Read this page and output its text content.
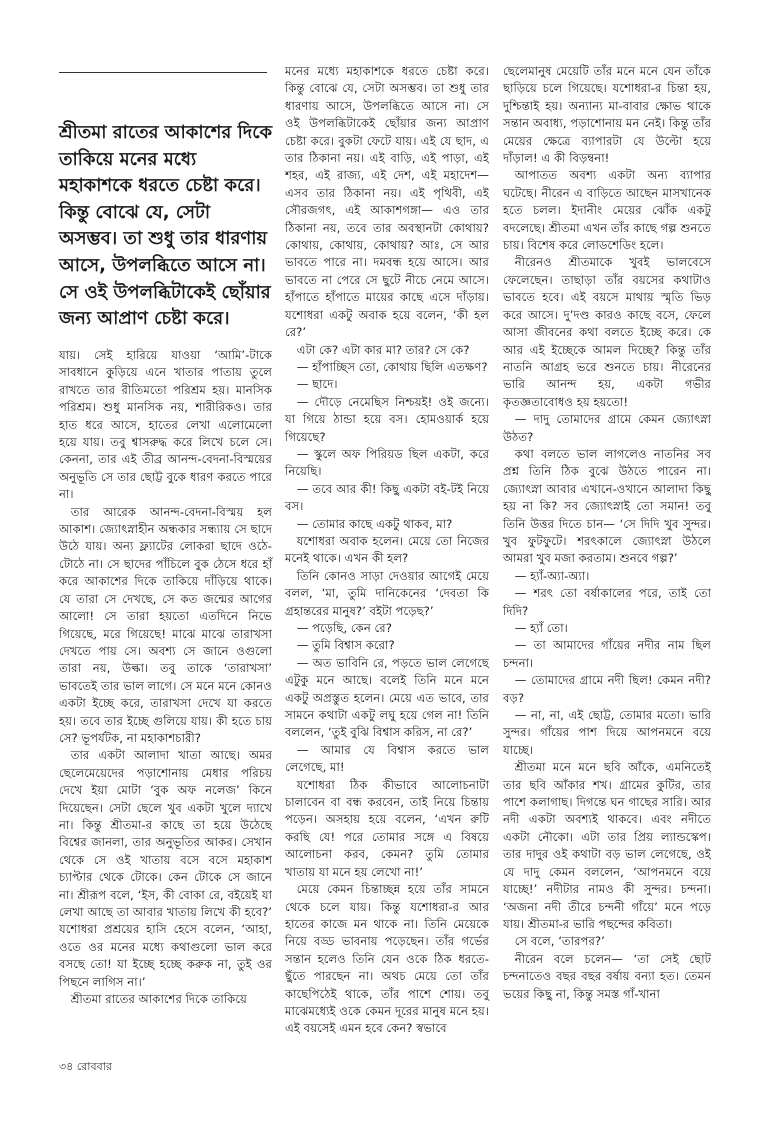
শ্রীতমা রাতের আকাশের দিকে তাকিয়ে মনের মধ্যে মহাকাশকে ধরতে চেষ্টা করে। কিন্তু বোঝে যে, সেটা অসম্ভব। তা শুধু তার ধারণায় আসে, উপলব্ধিতে আসে না। সে ওই উপলব্ধিটাকেই ছোঁয়ার জন্য আপ্রাণ চেষ্টা করে।

যায়। সেই হারিয়ে যাওয়া ‘আমি’-টাকে সাবধানে কুড়িয়ে এনে খাতার পাতায় তুলে রাখতে তার রীতিমতো পরিশ্রম হয়। মানসিক পরিশ্রম। শুধু মানসিক নয়, শারীরিকও। তার হাত ধরে আসে, হাতের লেখা এলোমেলো হয়ে যায়। তবু শ্বাসরুদ্ধ করে লিখে চলে সে। কেননা, তার এই তীব্র আনন্দ-বেদনা-বিস্ময়ের অনুভূতি সে তার ছোট্ট বুকে ধারণ করতে পারে না।

তার আরেক আনন্দ-বেদনা-বিস্ময় হল আকাশ। জ্যোৎস্নাহীন অন্ধকার সন্ধ্যায় সে ছাদে উঠে যায়। অন্য ফ্ল্যাটের লোকরা ছাদে ওঠে-টোঠে না। সে ছাদের পাঁচিলে বুক ঠেসে ধরে হাঁ করে আকাশের দিকে তাকিয়ে দাঁড়িয়ে থাকে। যে তারা সে দেখছে, সে কত জন্মের আগের আলো! সে তারা হয়তো এতদিনে নিভে গিয়েছে, মরে গিয়েছে! মাঝে মাঝে তারাখসা দেখতে পায় সে। অবশ্য সে জানে ওগুলো তারা নয়, উল্কা। তবু তাকে ‘তারাখসা’ ভাবতেই তার ভাল লাগে। সে মনে মনে কোনও একটা ইচ্ছে করে, তারাখসা দেখে যা করতে হয়। তবে তার ইচ্ছে গুলিয়ে যায়। কী হতে চায় সে? ভূপর্যটক, না মহাকাশচারী?

তার একটা আলাদা খাতা আছে। অমর ছেলেমেয়েদের পড়াশোনায় মেধার পরিচয় দেখে ইয়া মোটা ‘বুক অফ নলেজ’ কিনে দিয়েছেন। সেটা ছেলে খুব একটা খুলে দ্যাখে না। কিন্তু শ্রীতমা-র কাছে তা হয়ে উঠেছে বিশ্বের জানলা, তার অনুভূতির আকর। সেখান থেকে সে ওই খাতায় বসে বসে মহাকাশ চ্যাপ্টার থেকে টোকে। কেন টোকে সে জানে না। শ্রীরূপ বলে, ‘ইস, কী বোকা রে, বইয়েই যা লেখা আছে তা আবার খাতায় লিখে কী হবে?’ যশোধরা প্রশ্রয়ের হাসি হেসে বলেন, ‘আহা, ওতে ওর মনের মধ্যে কথাগুলো ভাল করে বসছে তো! যা ইচ্ছে হচ্ছে করুক না, তুই ওর পিছনে লাগিস না।’

শ্রীতমা রাতের আকাশের দিকে তাকিয়ে

মনের মধ্যে মহাকাশকে ধরতে চেষ্টা করে। কিন্তু বোঝে যে, সেটা অসম্ভব। তা শুধু তার ধারণায় আসে, উপলব্ধিতে আসে না। সে ওই উপলব্ধিটাকেই ছোঁয়ার জন্য আপ্রাণ চেষ্টা করে। বুকটা ফেটে যায়। এই যে ছাদ, এ তার ঠিকানা নয়। এই বাড়ি, এই পাড়া, এই শহর, এই রাজ্য, এই দেশ, এই মহাদেশ— এসব তার ঠিকানা নয়। এই পৃথিবী, এই সৌরজগৎ, এই আকাশগঙ্গা— এও তার ঠিকানা নয়, তবে তার অবস্থানটা কোথায়? কোথায়, কোথায়, কোথায়? আঃ, সে আর ভাবতে পারে না। দমবন্ধ হয়ে আসে। আর ভাবতে না পেরে সে ছুটে নীচে নেমে আসে। হাঁপাতে হাঁপাতে মায়ের কাছে এসে দাঁড়ায়। যশোধরা একটু অবাক হয়ে বলেন, ‘কী হল রে?’

এটা কে? এটা কার মা? তার? সে কে?

— হাঁপাচ্ছিস তো, কোথায় ছিলি এতক্ষণ?

— ছাদে।

— দৌড়ে নেমেছিস নিশ্চয়ই! ওই জন্যে। যা গিয়ে ঠান্ডা হয়ে বস। হোমওয়ার্ক হয়ে গিয়েছে?

— স্কুলে অফ পিরিয়ড ছিল একটা, করে নিয়েছি।

— তবে আর কী! কিছু একটা বই-টই নিয়ে বস।

— তোমার কাছে একটু থাকব, মা?

যশোধরা অবাক হলেন। মেয়ে তো নিজের মনেই থাকে। এখন কী হল?

তিনি কোনও সাড়া দেওয়ার আগেই মেয়ে বলল, ‘মা, তুমি দানিকেনের ‘দেবতা কি গ্রহান্তরের মানুষ?’ বইটা পড়েছ?’

— পড়েছি, কেন রে?

— তুমি বিশ্বাস করো?

— অত ভাবিনি রে, পড়তে ভাল লেগেছে এটুকু মনে আছে। বলেই তিনি মনে মনে একটু অপ্রস্তুত হলেন। মেয়ে এত ভাবে, তার সামনে কথাটা একটু লঘু হয়ে গেল না! তিনি বললেন, ‘তুই বুঝি বিশ্বাস করিস, না রে?’

— আমার যে বিশ্বাস করতে ভাল লেগেছে, মা!

যশোধরা ঠিক কীভাবে আলোচনাটা চালাবেন বা বন্ধ করবেন, তাই নিয়ে চিন্তায় পড়েন। অসহায় হয়ে বলেন, ‘এখন রুটি করছি যে! পরে তোমার সঙ্গে এ বিষয়ে আলোচনা করব, কেমন? তুমি তোমার খাতায় যা মনে হয় লেখো না!’

মেয়ে কেমন চিন্তাচ্ছন্ন হয়ে তাঁর সামনে থেকে চলে যায়। কিন্তু যশোধরা-র আর হাতের কাজে মন থাকে না। তিনি মেয়েকে নিয়ে বড্ড ভাবনায় পড়েছেন। তাঁর গর্ভের সন্তান হলেও তিনি যেন ওকে ঠিক ধরতে-ছুঁতে পারছেন না। অথচ মেয়ে তো তাঁর কাছেপিঠেই থাকে, তাঁর পাশে শোয়। তবু মাঝেমধ্যেই ওকে কেমন দূরের মানুষ মনে হয়। এই বয়সেই এমন হবে কেন? স্বভাবে

ছেলেমানুষ মেয়েটি তাঁর মনে মনে যেন তাঁকে ছাড়িয়ে চলে গিয়েছে। যশোধরা-র চিন্তা হয়, দুশ্চিন্তাই হয়। অন্যান্য মা-বাবার ক্ষোভ থাকে সন্তান অবাধ্য, পড়াশোনায় মন নেই। কিন্তু তাঁর মেয়ের ক্ষেত্রে ব্যাপারটা যে উল্টো হয়ে দাঁড়াল! এ কী বিড়ম্বনা!

আপাতত অবশ্য একটা অন্য ব্যাপার ঘটেছে। নীরেন এ বাড়িতে আছেন মাসখানেক হতে চলল। ইদানীং মেয়ের ঝোঁক একটু বদলেছে। শ্রীতমা এখন তাঁর কাছে গল্প শুনতে চায়। বিশেষ করে লোডশেডিং হলে।

নীরেনও শ্রীতমাকে খুবই ভালবেসে ফেলেছেন। তাছাড়া তাঁর বয়সের কথাটাও ভাবতে হবে। এই বয়সে মাথায় স্মৃতি ভিড় করে আসে। দু’দণ্ড কারও কাছে বসে, ফেলে আসা জীবনের কথা বলতে ইচ্ছে করে। কে আর এই ইচ্ছেকে আমল দিচ্ছে? কিন্তু তাঁর নাতনি আগ্রহ ভরে শুনতে চায়। নীরেনের ভারি আনন্দ হয়, একটা গভীর কৃতজ্ঞতাবোধও হয় হয়তো!

— দাদু তোমাদের গ্রামে কেমন জ্যোৎস্না উঠত?

কথা বলতে ভাল লাগলেও নাতনির সব প্রশ্ন তিনি ঠিক বুঝে উঠতে পারেন না। জ্যোৎস্না আবার এখানে-ওখানে আলাদা কিছু হয় না কি? সব জ্যোৎস্নাই তো সমান! তবু তিনি উত্তর দিতে চান— ‘সে দিদি খুব সুন্দর। খুব ফুটফুটে। শরৎকালে জ্যোৎস্না উঠলে আমরা খুব মজা করতাম। শুনবে গল্প?’

— হ্যাঁ-অ্যা-অ্যা।

— শরৎ তো বর্ষাকালের পরে, তাই তো দিদি?

— হ্যাঁ তো।

— তা আমাদের গাঁয়ের নদীর নাম ছিল চন্দনা।

— তোমাদের গ্রামে নদী ছিল! কেমন নদী? বড়?

— না, না, এই ছোট্ট, তোমার মতো। ভারি সুন্দর। গাঁয়ের পাশ দিয়ে আপনমনে বয়ে যাচ্ছে।

শ্রীতমা মনে মনে ছবি আঁকে, এমনিতেই তার ছবি আঁকার শখ। গ্রামের কুটির, তার পাশে কলাগাছ। দিগন্তে ঘন গাছের সারি। আর নদী একটা অবশ্যই থাকবে। এবং নদীতে একটা নৌকো। এটা তার প্রিয় ল্যান্ডস্কেপ। তার দাদুর ওই কথাটা বড় ভাল লেগেছে, ওই যে দাদু কেমন বললেন, ‘আপনমনে বয়ে যাচ্ছে!’ নদীটার নামও কী সুন্দর। চন্দনা। ‘অজনা নদী তীরে চন্দনী গাঁয়ে’ মনে পড়ে যায়। শ্রীতমা-র ভারি পছন্দের কবিতা।

সে বলে, ‘তারপর?’

নীরেন বলে চলেন— ‘তা সেই ছোট চন্দনাতেও বছর বছর বর্ষায় বন্যা হত। তেমন ভয়ের কিছু না, কিন্তু সমস্ত গাঁ-খানা

৩৪ রোববার
